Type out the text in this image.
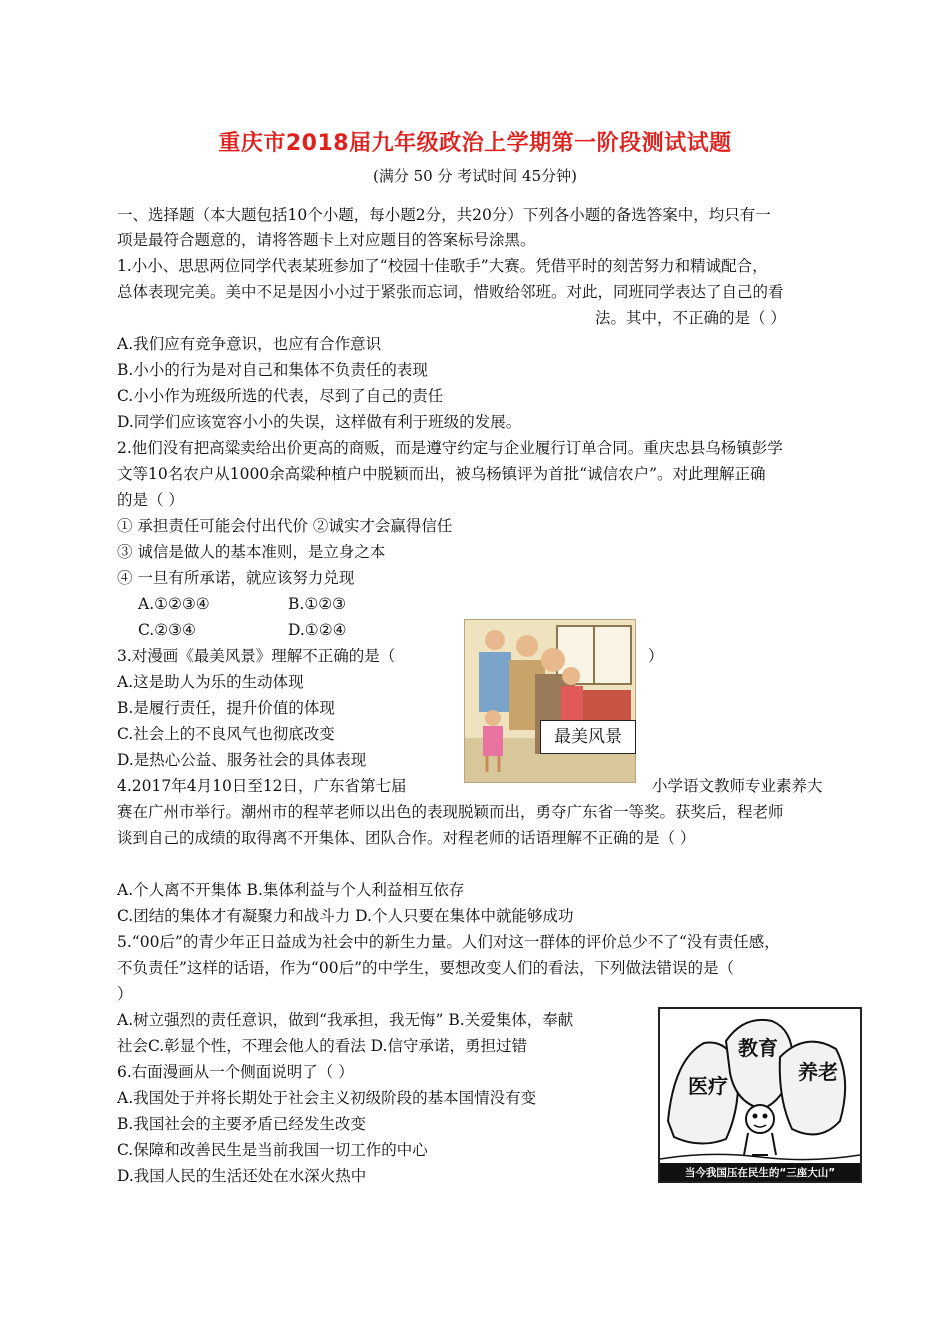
重庆市2018届九年级政治上学期第一阶段测试试题
(满分 50 分 考试时间 45分钟)
一、选择题（本大题包括10个小题，每小题2分，共20分）下列各小题的备选答案中，均只有一
项是最符合题意的，请将答题卡上对应题目的答案标号涂黑。
1.小小、思思两位同学代表某班参加了“校园十佳歌手”大赛。凭借平时的刻苦努力和精诚配合，
总体表现完美。美中不足是因小小过于紧张而忘词，惜败给邻班。对此，同班同学表达了自己的看
法。其中，不正确的是（ ）
A.我们应有竞争意识，也应有合作意识
B.小小的行为是对自己和集体不负责任的表现
C.小小作为班级所选的代表，尽到了自己的责任
D.同学们应该宽容小小的失误，这样做有利于班级的发展。
2.他们没有把高粱卖给出价更高的商贩，而是遵守约定与企业履行订单合同。重庆忠县乌杨镇彭学
文等10名农户从1000余高粱种植户中脱颖而出，被乌杨镇评为首批“诚信农户”。对此理解正确
的是（ ）
① 承担责任可能会付出代价 ②诚实才会赢得信任
③ 诚信是做人的基本准则，是立身之本
④ 一旦有所承诺，就应该努力兑现
A.①②③④	B.①②③
C.②③④	D.①②④
3.对漫画《最美风景》理解不正确的是（	）
A.这是助人为乐的生动体现
B.是履行责任，提升价值的体现
C.社会上的不良风气也彻底改变
D.是热心公益、服务社会的具体表现
最美风景
4.2017年4月10日至12日，广东省第七届	小学语文教师专业素养大
赛在广州市举行。潮州市的程苹老师以出色的表现脱颖而出，勇夺广东省一等奖。获奖后，程老师
谈到自己的成绩的取得离不开集体、团队合作。对程老师的话语理解不正确的是（ ）
A.个人离不开集体 B.集体利益与个人利益相互依存
C.团结的集体才有凝聚力和战斗力 D.个人只要在集体中就能够成功
5.“00后”的青少年正日益成为社会中的新生力量。人们对这一群体的评价总少不了“没有责任感，
不负责任”这样的话语，作为“00后”的中学生，要想改变人们的看法，下列做法错误的是（
）
A.树立强烈的责任意识，做到“我承担，我无悔” B.关爱集体，奉献
社会C.彰显个性，不理会他人的看法 D.信守承诺，勇担过错
6.右面漫画从一个侧面说明了（ ）
A.我国处于并将长期处于社会主义初级阶段的基本国情没有变
B.我国社会的主要矛盾已经发生改变
C.保障和改善民生是当前我国一切工作的中心
D.我国人民的生活还处在水深火热中
医疗
教育
养老
当今我国压在民生的“三座大山”
